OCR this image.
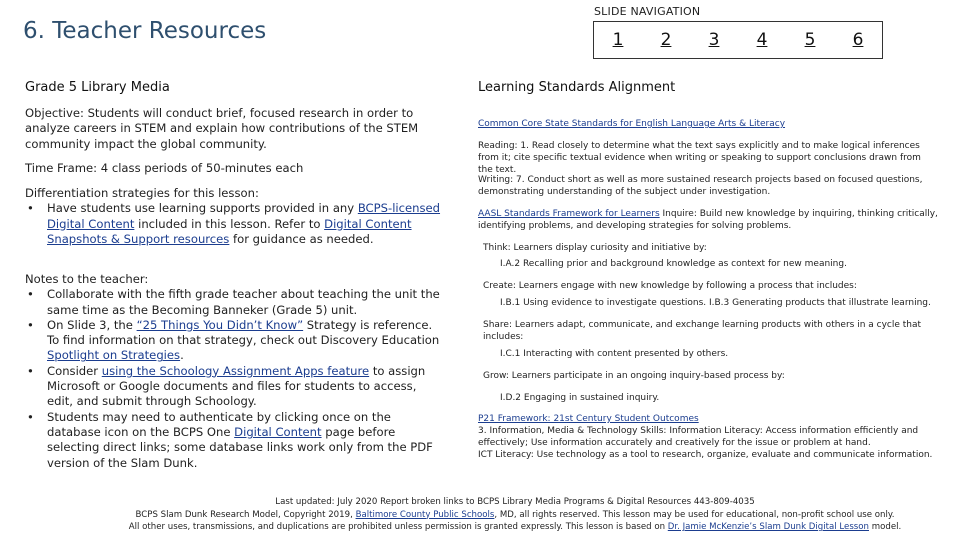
6. Teacher Resources
SLIDE NAVIGATION
1	2	3	4	5	6
Grade 5 Library Media

Objective: Students will conduct brief, focused research in order to analyze careers in STEM and explain how contributions of the STEM community impact the global community.

Time Frame: 4 class periods of 50-minutes each

Differentiation strategies for this lesson:

• Have students use learning supports provided in any BCPS-licensed Digital Content included in this lesson. Refer to Digital Content Snapshots & Support resources for guidance as needed.

Notes to the teacher:

• Collaborate with the fifth grade teacher about teaching the unit the same time as the Becoming Banneker (Grade 5) unit.

• On Slide 3, the “25 Things You Didn’t Know” Strategy is reference. To find information on that strategy, check out Discovery Education Spotlight on Strategies.

• Consider using the Schoology Assignment Apps feature to assign Microsoft or Google documents and files for students to access, edit, and submit through Schoology.

• Students may need to authenticate by clicking once on the database icon on the BCPS One Digital Content page before selecting direct links; some database links work only from the PDF version of the Slam Dunk.

Learning Standards Alignment

Common Core State Standards for English Language Arts & Literacy

Reading: 1. Read closely to determine what the text says explicitly and to make logical inferences from it; cite specific textual evidence when writing or speaking to support conclusions drawn from the text.

Writing: 7. Conduct short as well as more sustained research projects based on focused questions, demonstrating understanding of the subject under investigation.

AASL Standards Framework for Learners Inquire: Build new knowledge by inquiring, thinking critically, identifying problems, and developing strategies for solving problems.

Think: Learners display curiosity and initiative by:

I.A.2 Recalling prior and background knowledge as context for new meaning.

Create: Learners engage with new knowledge by following a process that includes:

I.B.1 Using evidence to investigate questions. I.B.3 Generating products that illustrate learning.

Share: Learners adapt, communicate, and exchange learning products with others in a cycle that includes:

I.C.1 Interacting with content presented by others.

Grow: Learners participate in an ongoing inquiry-based process by:

I.D.2 Engaging in sustained inquiry.

P21 Framework: 21st Century Student Outcomes

3. Information, Media & Technology Skills: Information Literacy: Access information efficiently and effectively; Use information accurately and creatively for the issue or problem at hand.

ICT Literacy: Use technology as a tool to research, organize, evaluate and communicate information.

Last updated: July 2020 Report broken links to BCPS Library Media Programs & Digital Resources 443-809-4035

BCPS Slam Dunk Research Model, Copyright 2019, Baltimore County Public Schools, MD, all rights reserved. This lesson may be used for educational, non-profit school use only.

All other uses, transmissions, and duplications are prohibited unless permission is granted expressly. This lesson is based on Dr. Jamie McKenzie’s Slam Dunk Digital Lesson model.
